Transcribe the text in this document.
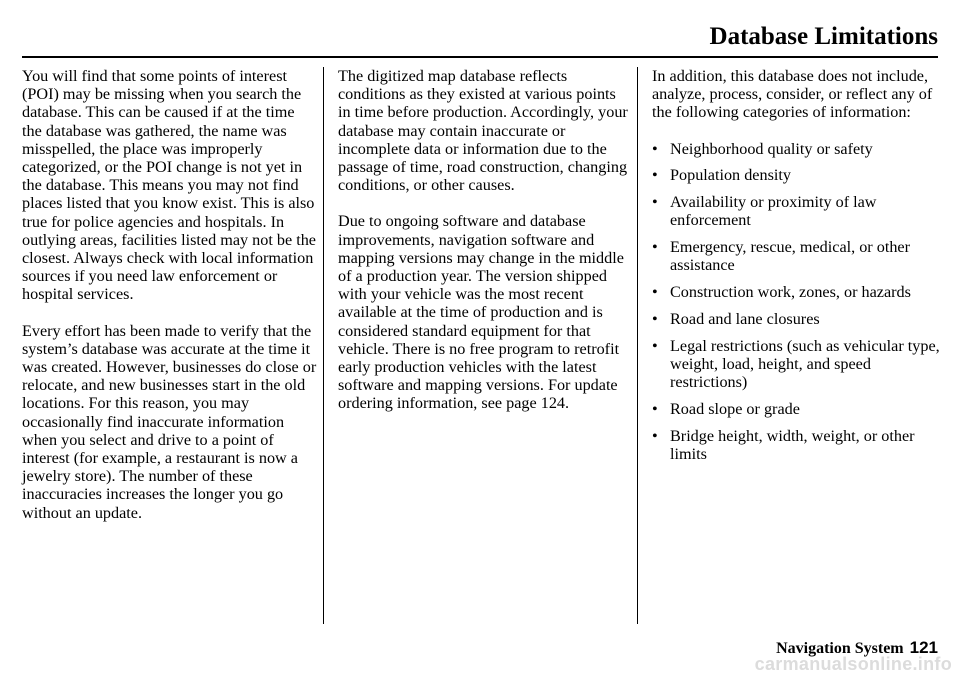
Database Limitations

You will find that some points of interest (POI) may be missing when you search the database. This can be caused if at the time the database was gathered, the name was misspelled, the place was improperly categorized, or the POI change is not yet in the database. This means you may not find places listed that you know exist. This is also true for police agencies and hospitals. In outlying areas, facilities listed may not be the closest. Always check with local information sources if you need law enforcement or hospital services.

Every effort has been made to verify that the system’s database was accurate at the time it was created. However, businesses do close or relocate, and new businesses start in the old locations. For this reason, you may occasionally find inaccurate information when you select and drive to a point of interest (for example, a restaurant is now a jewelry store). The number of these inaccuracies increases the longer you go without an update.

The digitized map database reflects conditions as they existed at various points in time before production. Accordingly, your database may contain inaccurate or incomplete data or information due to the passage of time, road construction, changing conditions, or other causes.

Due to ongoing software and database improvements, navigation software and mapping versions may change in the middle of a production year. The version shipped with your vehicle was the most recent available at the time of production and is considered standard equipment for that vehicle. There is no free program to retrofit early production vehicles with the latest software and mapping versions. For update ordering information, see page 124.

In addition, this database does not include, analyze, process, consider, or reflect any of the following categories of information:

• Neighborhood quality or safety
• Population density
• Availability or proximity of law enforcement
• Emergency, rescue, medical, or other assistance
• Construction work, zones, or hazards
• Road and lane closures
• Legal restrictions (such as vehicular type, weight, load, height, and speed restrictions)
• Road slope or grade
• Bridge height, width, weight, or other limits
Navigation System 121
carmanualsonline.info
